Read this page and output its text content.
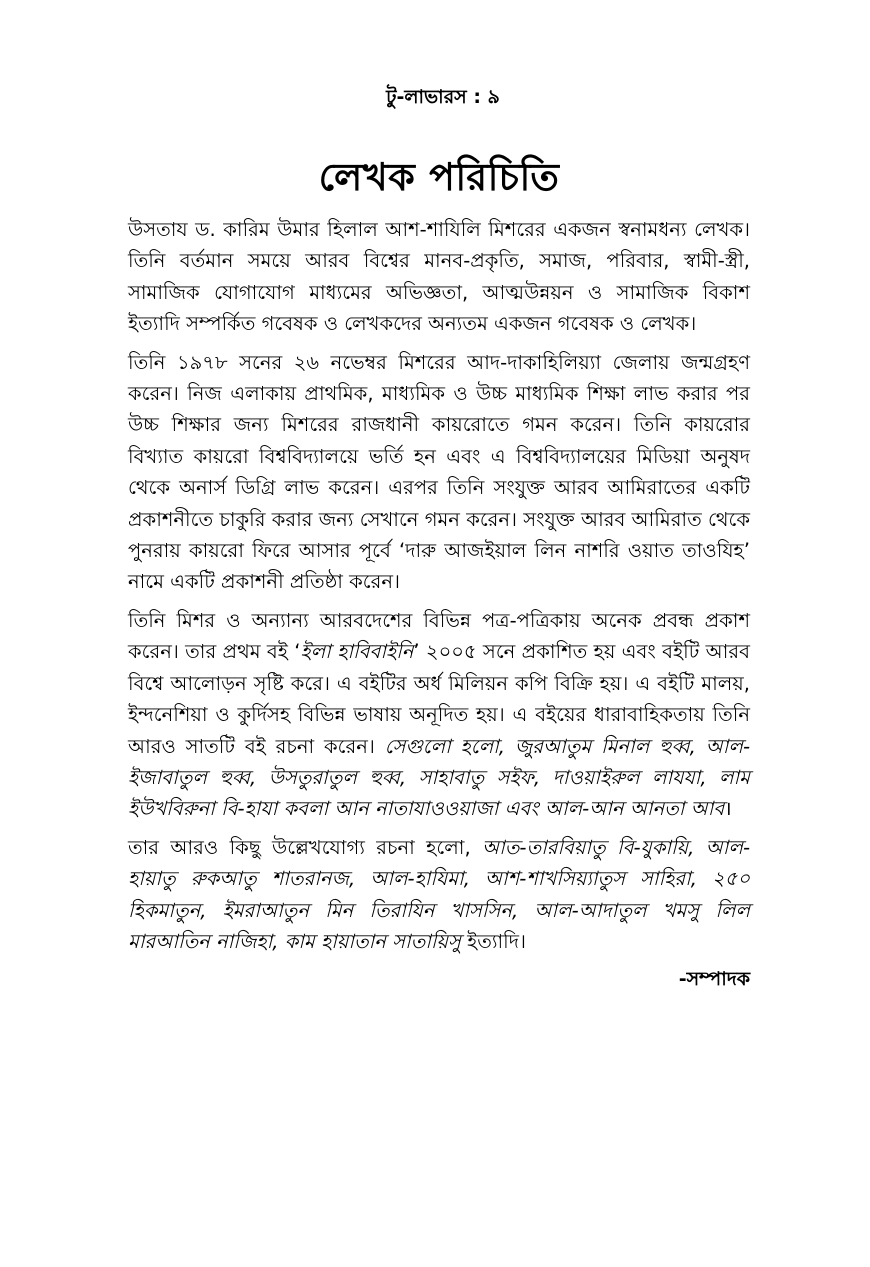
টু-লাভারস : ৯
লেখক পরিচিতি

উসতায ড. কারিম উমার হিলাল আশ-শাযিলি মিশরের একজন স্বনামধন্য লেখক। তিনি বর্তমান সময়ে আরব বিশ্বের মানব-প্রকৃতি, সমাজ, পরিবার, স্বামী-স্ত্রী, সামাজিক যোগাযোগ মাধ্যমের অভিজ্ঞতা, আত্মউন্নয়ন ও সামাজিক বিকাশ ইত্যাদি সম্পর্কিত গবেষক ও লেখকদের অন্যতম একজন গবেষক ও লেখক।

তিনি ১৯৭৮ সনের ২৬ নভেম্বর মিশরের আদ-দাকাহিলিয়্যা জেলায় জন্মগ্রহণ করেন। নিজ এলাকায় প্রাথমিক, মাধ্যমিক ও উচ্চ মাধ্যমিক শিক্ষা লাভ করার পর উচ্চ শিক্ষার জন্য মিশরের রাজধানী কায়রোতে গমন করেন। তিনি কায়রোর বিখ্যাত কায়রো বিশ্ববিদ্যালয়ে ভর্তি হন এবং এ বিশ্ববিদ্যালয়ের মিডিয়া অনুষদ থেকে অনার্স ডিগ্রি লাভ করেন। এরপর তিনি সংযুক্ত আরব আমিরাতের একটি প্রকাশনীতে চাকুরি করার জন্য সেখানে গমন করেন। সংযুক্ত আরব আমিরাত থেকে পুনরায় কায়রো ফিরে আসার পূর্বে ‘দারু আজইয়াল লিন নাশরি ওয়াত তাওযিহ’ নামে একটি প্রকাশনী প্রতিষ্ঠা করেন।

তিনি মিশর ও অন্যান্য আরবদেশের বিভিন্ন পত্র-পত্রিকায় অনেক প্রবন্ধ প্রকাশ করেন। তার প্রথম বই ‘ইলা হাবিবাইনি’ ২০০৫ সনে প্রকাশিত হয় এবং বইটি আরব বিশ্বে আলোড়ন সৃষ্টি করে। এ বইটির অর্ধ মিলিয়ন কপি বিক্রি হয়। এ বইটি মালয়, ইন্দনেশিয়া ও কুর্দিসহ বিভিন্ন ভাষায় অনূদিত হয়। এ বইয়ের ধারাবাহিকতায় তিনি আরও সাতটি বই রচনা করেন। সেগুলো হলো, জুরআতুম মিনাল হুব্ব, আল-ইজাবাতুল হুব্ব, উসতুরাতুল হুব্ব, সাহাবাতু সইফ, দাওয়াইরুল লাযযা, লাম ইউখবিরুনা বি-হাযা কবলা আন নাতাযাওওয়াজা এবং আল-আন আনতা আব।

তার আরও কিছু উল্লেখযোগ্য রচনা হলো, আত-তারবিয়াতু বি-যুকায়ি, আল-হায়াতু রুকআতু শাতরানজ, আল-হাযিমা, আশ-শাখসিয়্যাতুস সাহিরা, ২৫০ হিকমাতুন, ইমরাআতুন মিন তিরাযিন খাসসিন, আল-আদাতুল খমসু লিল মারআতিন নাজিহা, কাম হায়াতান সাতায়িসু ইত্যাদি।

-সম্পাদক
